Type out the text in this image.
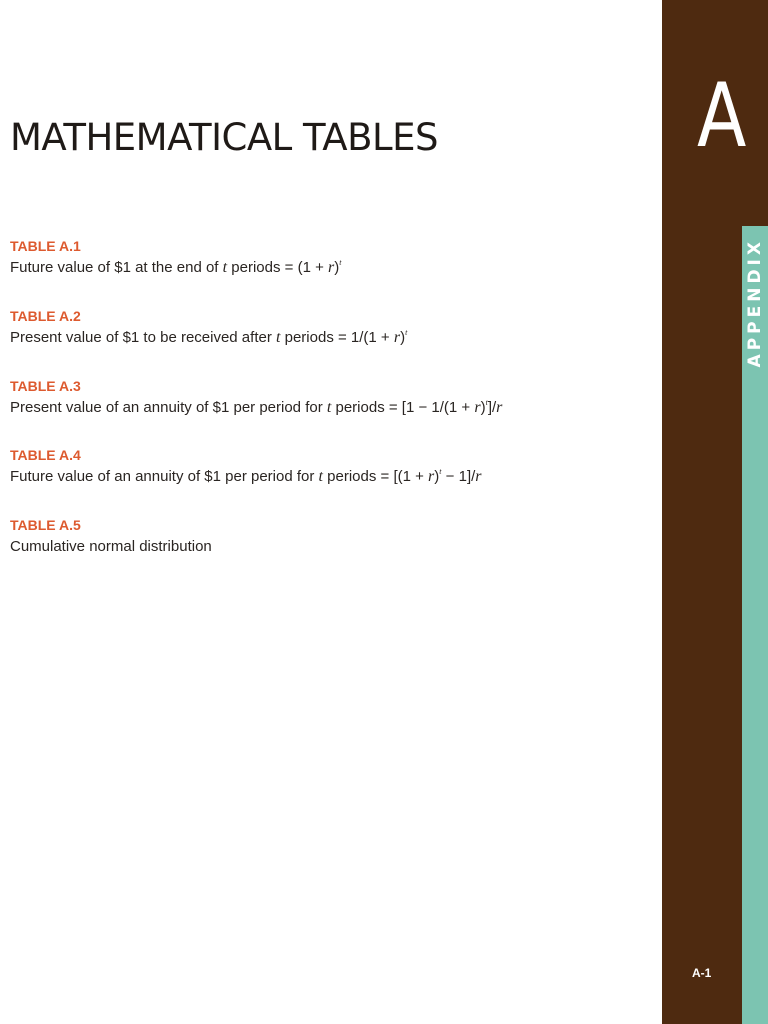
MATHEMATICAL TABLES
TABLE A.1
Future value of $1 at the end of t periods = $(1 + r)^t$
TABLE A.2
Present value of $1 to be received after t periods = $1/(1 + r)^t$
TABLE A.3
Present value of an annuity of $1 per period for t periods = $[1 - 1/(1 + r)^t]/r$
TABLE A.4
Future value of an annuity of $1 per period for t periods = $[(1 + r)^t - 1]/r$
TABLE A.5
Cumulative normal distribution
A
APPENDIX
A-1
